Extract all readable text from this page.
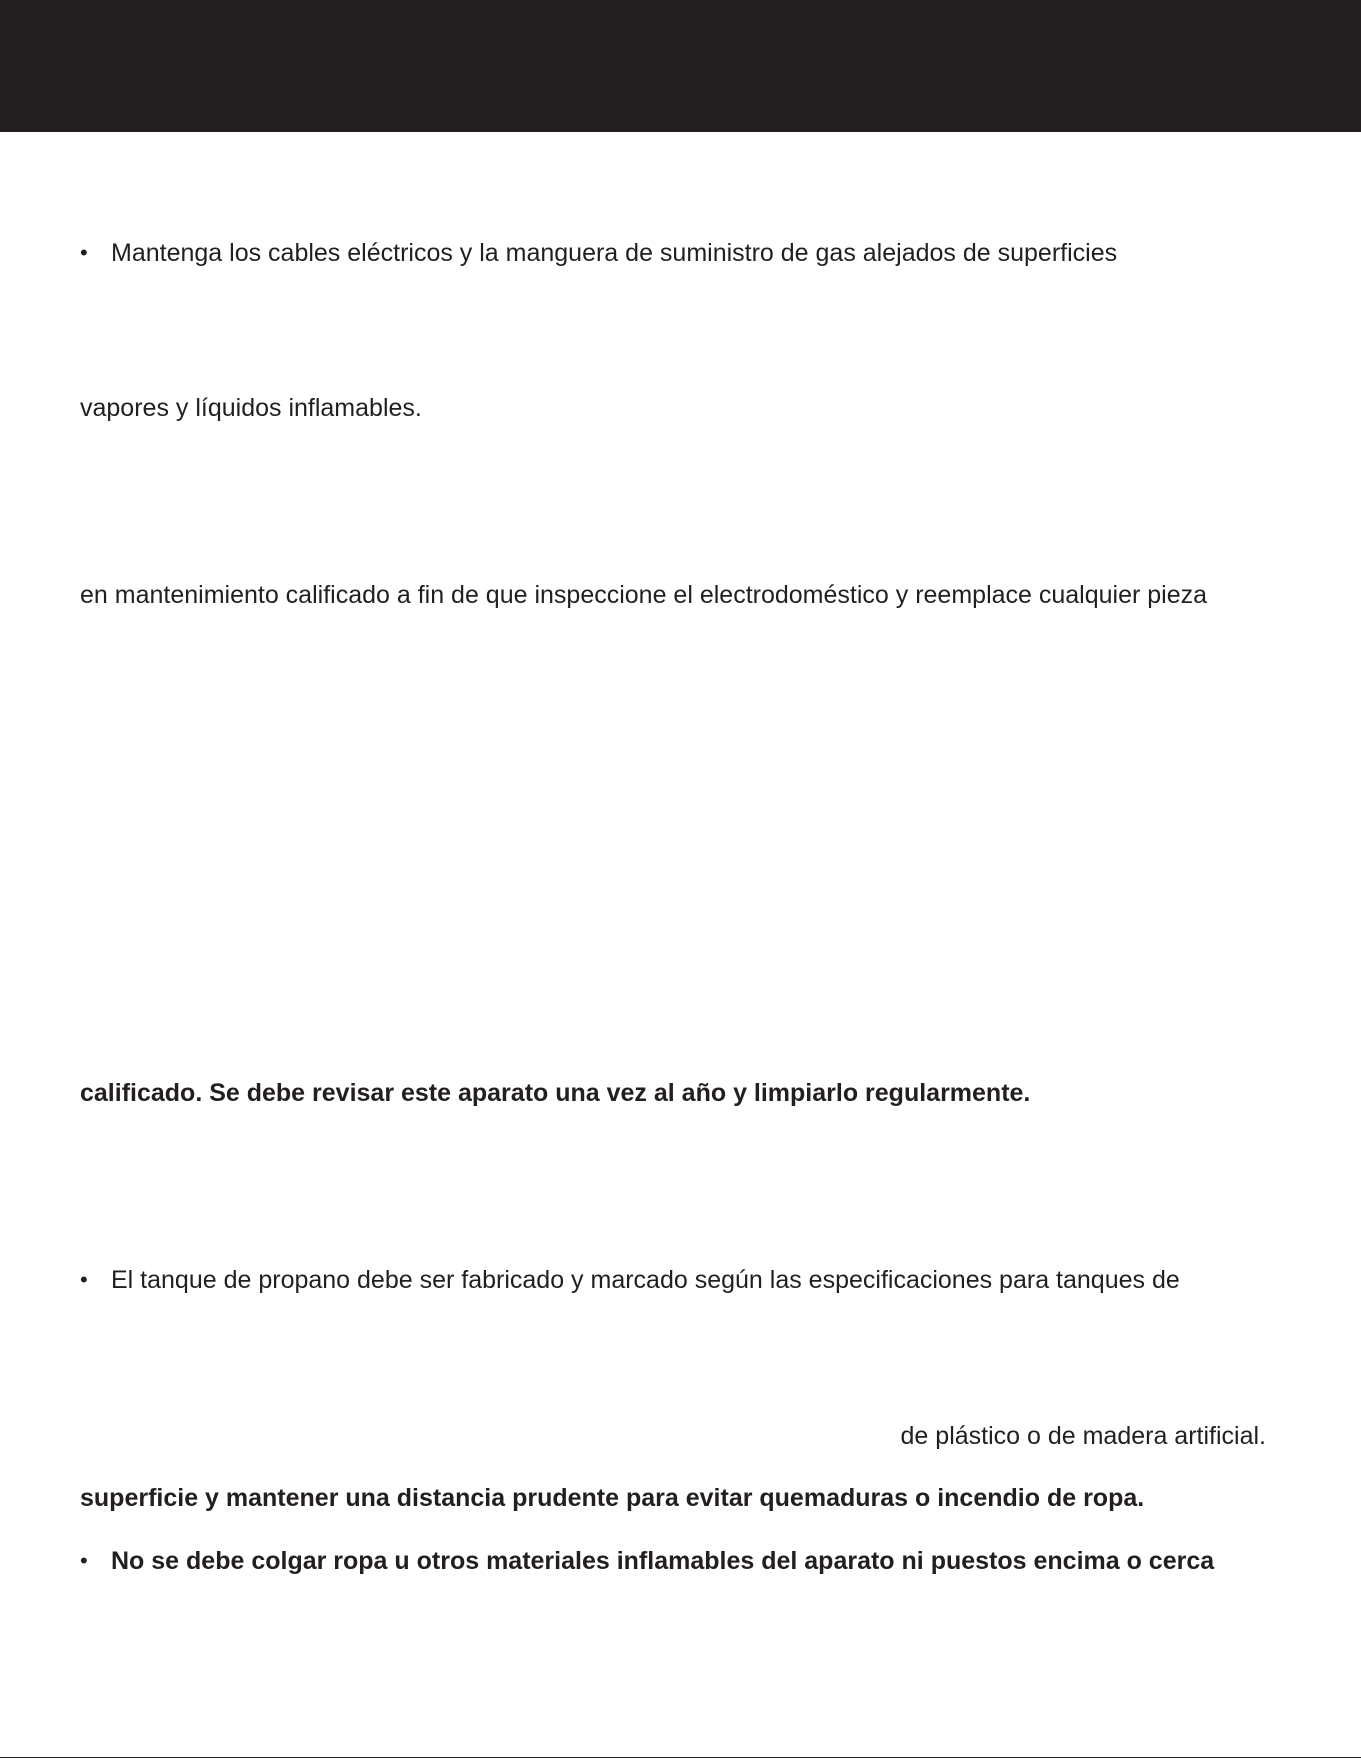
• Mantenga los cables eléctricos y la manguera de suministro de gas alejados de superficies
vapores y líquidos inflamables.
en mantenimiento calificado a fin de que inspeccione el electrodoméstico y reemplace cualquier pieza
calificado. Se debe revisar este aparato una vez al año y limpiarlo regularmente.
• El tanque de propano debe ser fabricado y marcado según las especificaciones para tanques de
de plástico o de madera artificial.
superficie y mantener una distancia prudente para evitar quemaduras o incendio de ropa.
• No se debe colgar ropa u otros materiales inflamables del aparato ni puestos encima o cerca
